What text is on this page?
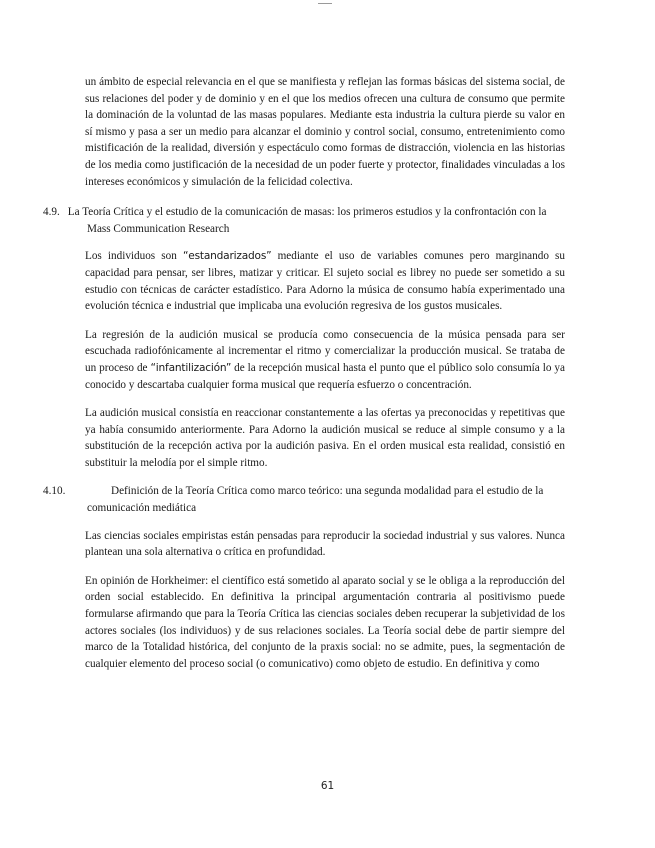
un ámbito de especial relevancia en el que se manifiesta y reflejan las formas básicas del sistema social, de sus relaciones del poder y de dominio y en el que los medios ofrecen una cultura de consumo que permite la dominación de la voluntad de las masas populares. Mediante esta industria la cultura pierde su valor en sí mismo y pasa a ser un medio para alcanzar el dominio y control social, consumo, entretenimiento como mistificación de la realidad, diversión y espectáculo como formas de distracción, violencia en las historias de los media como justificación de la necesidad de un poder fuerte y protector, finalidades vinculadas a los intereses económicos y simulación de la felicidad colectiva.

4.9. La Teoría Crítica y el estudio de la comunicación de masas: los primeros estudios y la confrontación con la Mass Communication Research

Los individuos son “estandarizados” mediante el uso de variables comunes pero marginando su capacidad para pensar, ser libres, matizar y criticar. El sujeto social es librey no puede ser sometido a su estudio con técnicas de carácter estadístico. Para Adorno la música de consumo había experimentado una evolución técnica e industrial que implicaba una evolución regresiva de los gustos musicales.

La regresión de la audición musical se producía como consecuencia de la música pensada para ser escuchada radiofónicamente al incrementar el ritmo y comercializar la producción musical. Se trataba de un proceso de “infantilización” de la recepción musical hasta el punto que el público solo consumía lo ya conocido y descartaba cualquier forma musical que requería esfuerzo o concentración.

La audición musical consistía en reaccionar constantemente a las ofertas ya preconocidas y repetitivas que ya había consumido anteriormente. Para Adorno la audición musical se reduce al simple consumo y a la substitución de la recepción activa por la audición pasiva. En el orden musical esta realidad, consistió en substituir la melodía por el simple ritmo.

4.10.	Definición de la Teoría Crítica como marco teórico: una segunda modalidad para el estudio de la comunicación mediática

Las ciencias sociales empiristas están pensadas para reproducir la sociedad industrial y sus valores. Nunca plantean una sola alternativa o crítica en profundidad.

En opinión de Horkheimer: el científico está sometido al aparato social y se le obliga a la reproducción del orden social establecido. En definitiva la principal argumentación contraria al positivismo puede formularse afirmando que para la Teoría Crítica las ciencias sociales deben recuperar la subjetividad de los actores sociales (los individuos) y de sus relaciones sociales. La Teoría social debe de partir siempre del marco de la Totalidad histórica, del conjunto de la praxis social: no se admite, pues, la segmentación de cualquier elemento del proceso social (o comunicativo) como objeto de estudio. En definitiva y como

61
